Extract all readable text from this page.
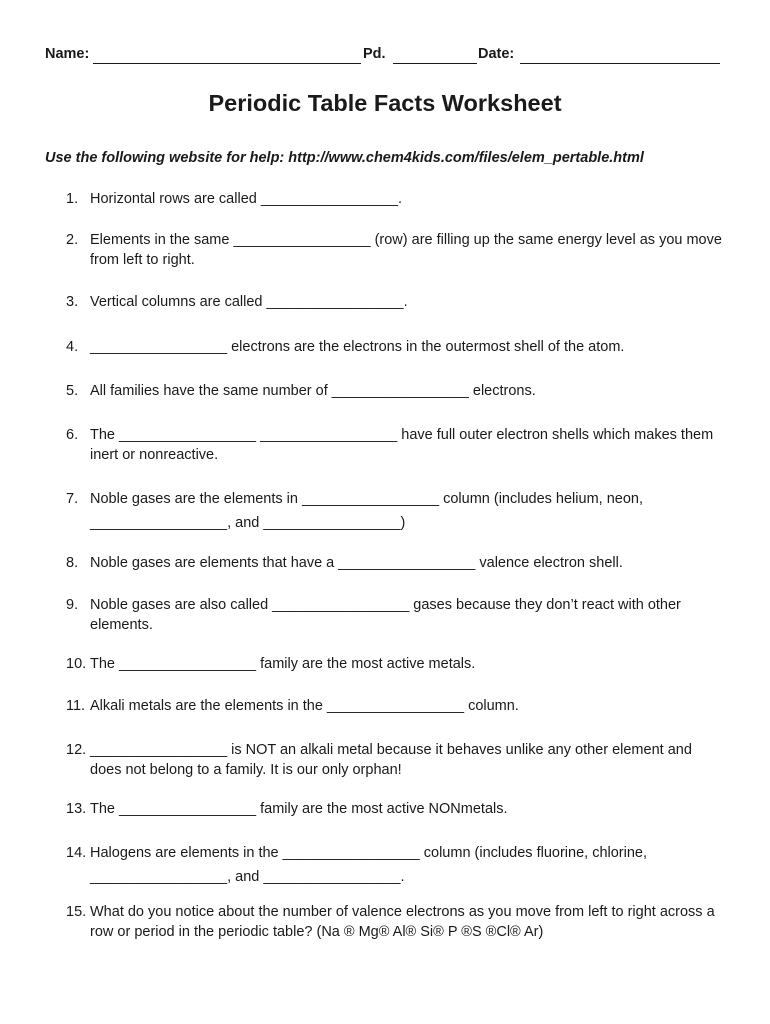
Name:	Pd.	Date:
Periodic Table Facts Worksheet
Use the following website for help: http://www.chem4kids.com/files/elem_pertable.html
1. Horizontal rows are called _________________.
2. Elements in the same _________________ (row) are filling up the same energy level as you move from left to right.
3. Vertical columns are called _________________.
4. _________________ electrons are the electrons in the outermost shell of the atom.
5. All families have the same number of _________________ electrons.
6. The _________________ _________________ have full outer electron shells which makes them inert or nonreactive.
7. Noble gases are the elements in _________________ column (includes helium, neon, _________________, and _________________)
8. Noble gases are elements that have a _________________ valence electron shell.
9. Noble gases are also called _________________ gases because they don’t react with other elements.
10. The _________________ family are the most active metals.
11. Alkali metals are the elements in the _________________ column.
12. _________________ is NOT an alkali metal because it behaves unlike any other element and does not belong to a family. It is our only orphan!
13. The _________________ family are the most active NONmetals.
14. Halogens are elements in the _________________ column (includes fluorine, chlorine, _________________, and _________________.
15. What do you notice about the number of valence electrons as you move from left to right across a row or period in the periodic table? (Na ® Mg® Al® Si® P ®S ®Cl® Ar)
